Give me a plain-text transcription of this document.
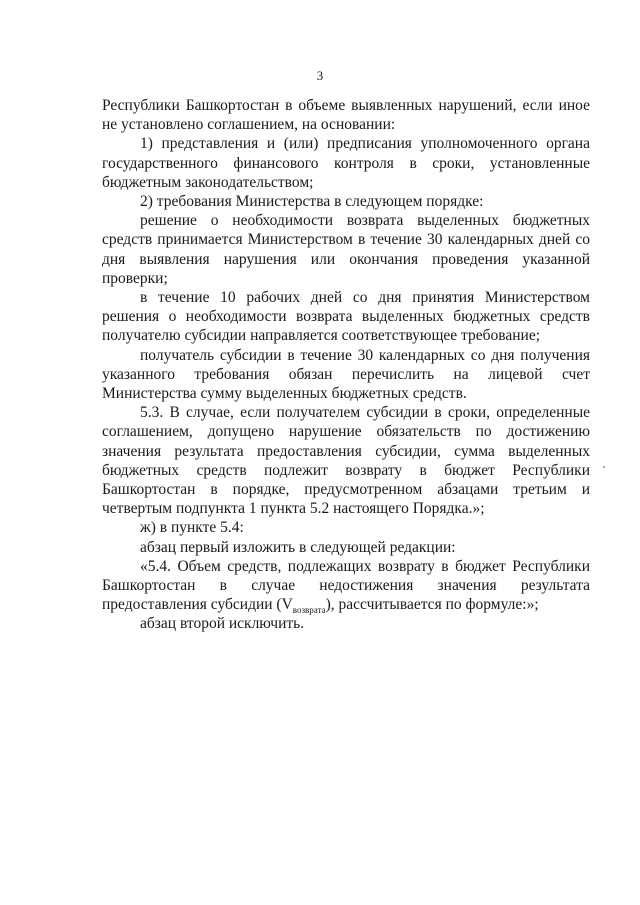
3

Республики Башкортостан в объеме выявленных нарушений, если иное не установлено соглашением, на основании:

1) представления и (или) предписания уполномоченного органа государственного финансового контроля в сроки, установленные бюджетным законодательством;

2) требования Министерства в следующем порядке:

решение о необходимости возврата выделенных бюджетных средств принимается Министерством в течение 30 календарных дней со дня выявления нарушения или окончания проведения указанной проверки;

в течение 10 рабочих дней со дня принятия Министерством решения о необходимости возврата выделенных бюджетных средств получателю субсидии направляется соответствующее требование;

получатель субсидии в течение 30 календарных со дня получения указанного требования обязан перечислить на лицевой счет Министерства сумму выделенных бюджетных средств.

5.3. В случае, если получателем субсидии в сроки, определенные соглашением, допущено нарушение обязательств по достижению значения результата предоставления субсидии, сумма выделенных бюджетных средств подлежит возврату в бюджет Республики Башкортостан в порядке, предусмотренном абзацами третьим и четвертым подпункта 1 пункта 5.2 настоящего Порядка.»;

ж) в пункте 5.4:

абзац первый изложить в следующей редакции:

«5.4. Объем средств, подлежащих возврату в бюджет Республики Башкортостан в случае недостижения значения результата предоставления субсидии $(V_{возврата})$, рассчитывается по формуле:»;

абзац второй исключить.
